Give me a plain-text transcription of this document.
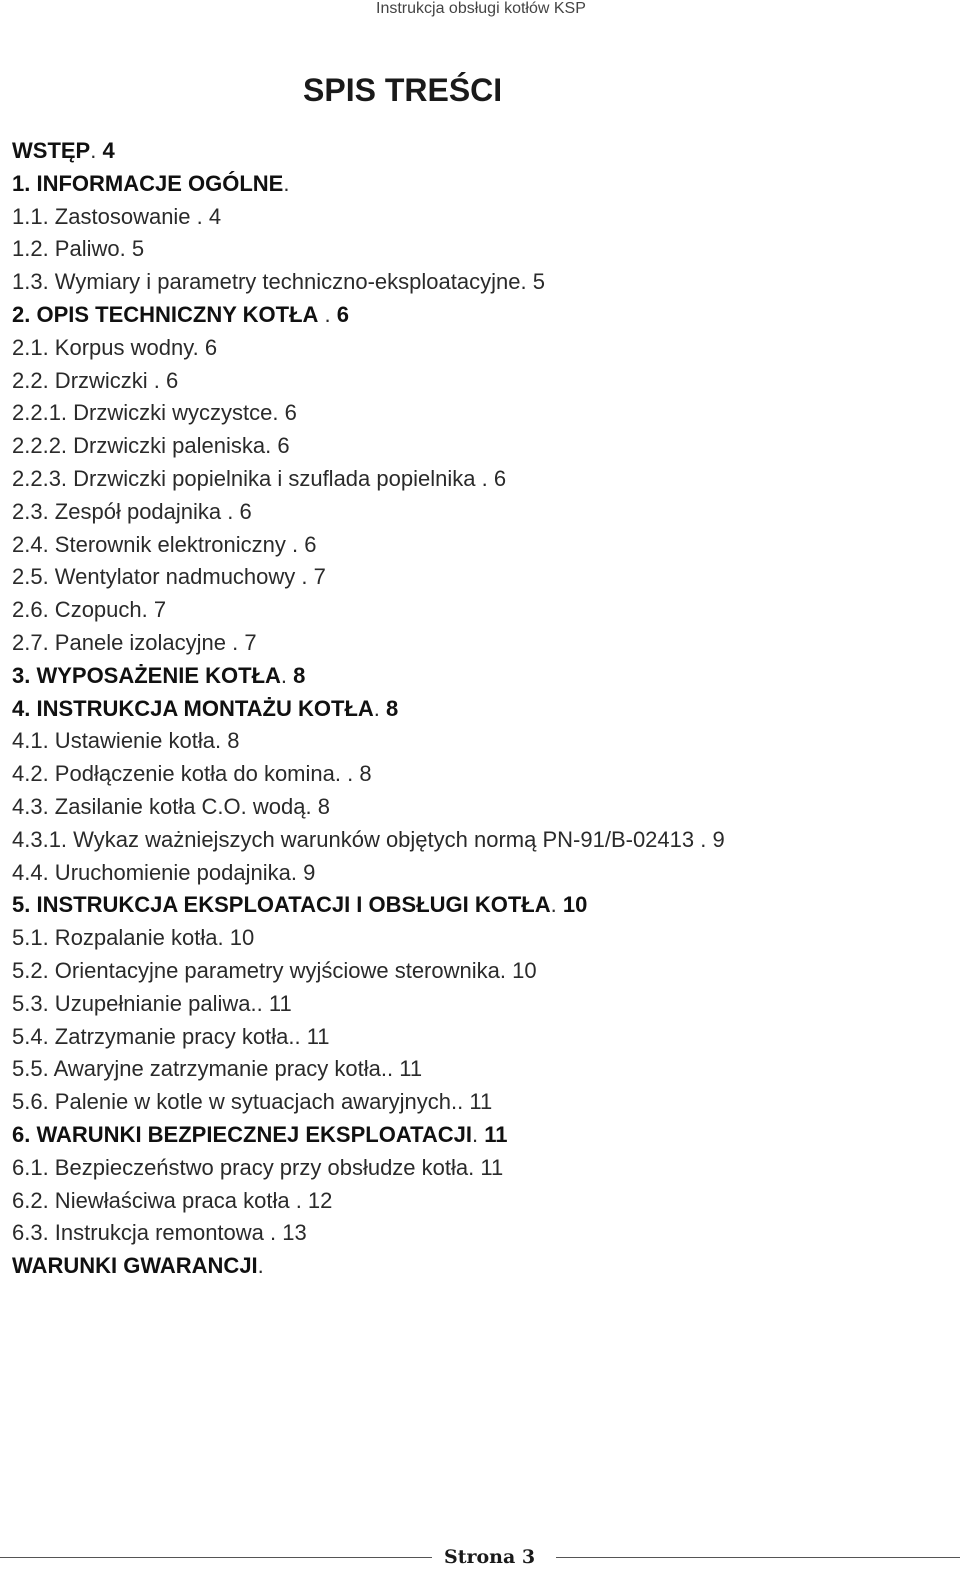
Instrukcja obsługi kotłów KSP
SPIS TREŚCI
WSTĘP. 4
1. INFORMACJE OGÓLNE.
1.1. Zastosowanie . 4
1.2. Paliwo. 5
1.3. Wymiary i parametry techniczno-eksploatacyjne. 5
2. OPIS TECHNICZNY KOTŁA . 6
2.1. Korpus wodny. 6
2.2. Drzwiczki . 6
2.2.1. Drzwiczki wyczystce. 6
2.2.2. Drzwiczki paleniska. 6
2.2.3. Drzwiczki popielnika i szuflada popielnika . 6
2.3. Zespół podajnika . 6
2.4. Sterownik elektroniczny . 6
2.5. Wentylator nadmuchowy . 7
2.6. Czopuch. 7
2.7. Panele izolacyjne . 7
3. WYPOSAŻENIE KOTŁA. 8
4. INSTRUKCJA MONTAŻU KOTŁA. 8
4.1. Ustawienie kotła. 8
4.2. Podłączenie kotła do komina. . 8
4.3. Zasilanie kotła C.O. wodą. 8
4.3.1. Wykaz ważniejszych warunków objętych normą PN-91/B-02413 . 9
4.4. Uruchomienie podajnika. 9
5. INSTRUKCJA EKSPLOATACJI I OBSŁUGI KOTŁA. 10
5.1. Rozpalanie kotła. 10
5.2. Orientacyjne parametry wyjściowe sterownika. 10
5.3. Uzupełnianie paliwa.. 11
5.4. Zatrzymanie pracy kotła.. 11
5.5. Awaryjne zatrzymanie pracy kotła.. 11
5.6. Palenie w kotle w sytuacjach awaryjnych.. 11
6. WARUNKI BEZPIECZNEJ EKSPLOATACJI. 11
6.1. Bezpieczeństwo pracy przy obsłudze kotła. 11
6.2. Niewłaściwa praca kotła . 12
6.3. Instrukcja remontowa . 13
WARUNKI GWARANCJI.
Strona 3
